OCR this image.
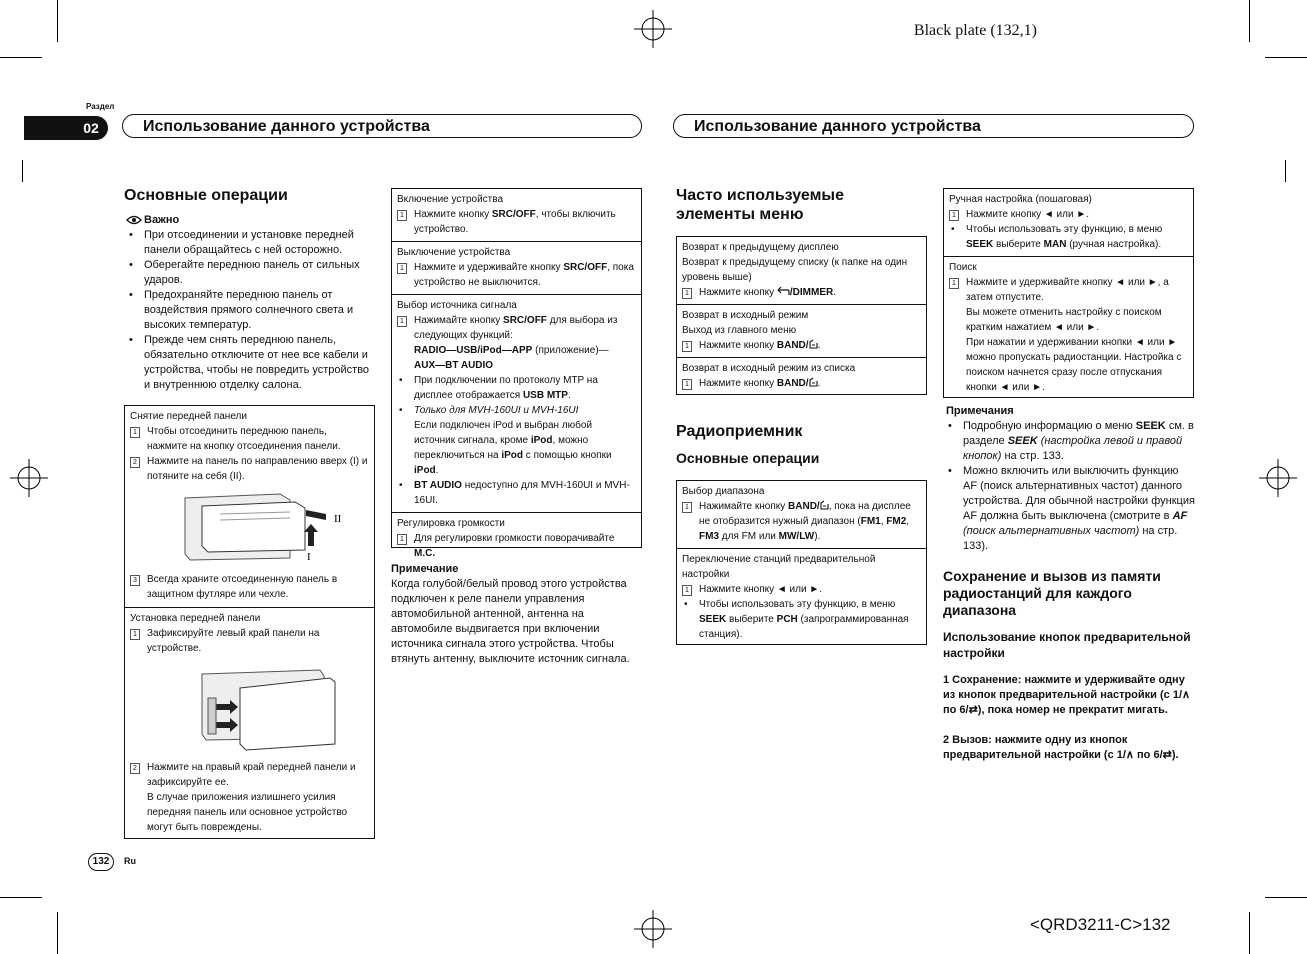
Black plate (132,1)
<QRD3211-C>132
Раздел
02	Использование данного устройства	Использование данного устройства
Основные операции
Важно
• При отсоединении и установке передней панели обращайтесь с ней осторожно.
• Оберегайте переднюю панель от сильных ударов.
• Предохраняйте переднюю панель от воздействия прямого солнечного света и высоких температур.
• Прежде чем снять переднюю панель, обязательно отключите от нее все кабели и устройства, чтобы не повредить устройство и внутреннюю отделку салона.
Снятие передней панели
1	Чтобы отсоединить переднюю панель, нажмите на кнопку отсоединения панели.
2	Нажмите на панель по направлению вверх (I) и потяните на себя (II).
II
I
3	Всегда храните отсоединенную панель в защитном футляре или чехле.
Установка передней панели
1	Зафиксируйте левый край панели на устройстве.
2	Нажмите на правый край передней панели и зафиксируйте ее.
В случае приложения излишнего усилия передняя панель или основное устройство могут быть повреждены.
Включение устройства
1	Нажмите кнопку SRC/OFF, чтобы включить устройство.
Выключение устройства
1	Нажмите и удерживайте кнопку SRC/OFF, пока устройство не выключится.
Выбор источника сигнала
1	Нажимайте кнопку SRC/OFF для выбора из следующих функций:
RADIO—USB/iPod—APP (приложение)—
AUX—BT AUDIO
• При подключении по протоколу MTP на дисплее отображается USB MTP.
• Только для MVH-160UI и MVH-16UI
Если подключен iPod и выбран любой источник сигнала, кроме iPod, можно переключиться на iPod с помощью кнопки iPod.
• BT AUDIO недоступно для MVH-160UI и MVH-16UI.
Регулировка громкости
1	Для регулировки громкости поворачивайте M.C.
Примечание
Когда голубой/белый провод этого устройства подключен к реле панели управления автомобильной антенной, антенна на автомобиле выдвигается при включении источника сигнала этого устройства. Чтобы втянуть антенну, выключите источник сигнала.
Часто используемые элементы меню
Возврат к предыдущему дисплею
Возврат к предыдущему списку (к папке на один уровень выше)
1	Нажмите кнопку /DIMMER.
Возврат в исходный режим
Выход из главного меню
1	Нажмите кнопку BAND/ .
Возврат в исходный режим из списка
1	Нажмите кнопку BAND/ .
Радиоприемник
Основные операции
Выбор диапазона
1	Нажимайте кнопку BAND/ , пока на дисплее не отобразится нужный диапазон (FM1, FM2, FM3 для FM или MW/LW).
Переключение станций предварительной настройки
1	Нажмите кнопку ◄ или ►.
• Чтобы использовать эту функцию, в меню SEEK выберите PCH (запрограммированная станция).
Ручная настройка (пошаговая)
1	Нажмите кнопку ◄ или ►.
• Чтобы использовать эту функцию, в меню SEEK выберите MAN (ручная настройка).
Поиск
1	Нажмите и удерживайте кнопку ◄ или ►, а затем отпустите.
Вы можете отменить настройку с поиском кратким нажатием ◄ или ►.
При нажатии и удерживании кнопки ◄ или ► можно пропускать радиостанции. Настройка с поиском начнется сразу после отпускания кнопки ◄ или ►.
Примечания
• Подробную информацию о меню SEEK см. в разделе SEEK (настройка левой и правой кнопок) на стр. 133.
• Можно включить или выключить функцию AF (поиск альтернативных частот) данного устройства. Для обычной настройки функция AF должна быть выключена (смотрите в AF (поиск альтернативных частот) на стр. 133).
Сохранение и вызов из памяти радиостанций для каждого диапазона
Использование кнопок предварительной настройки
1 Сохранение: нажмите и удерживайте одну из кнопок предварительной настройки (с 1/∧ по 6/⇄), пока номер не прекратит мигать.
2 Вызов: нажмите одну из кнопок предварительной настройки (с 1/∧ по 6/⇄).
132	Ru
